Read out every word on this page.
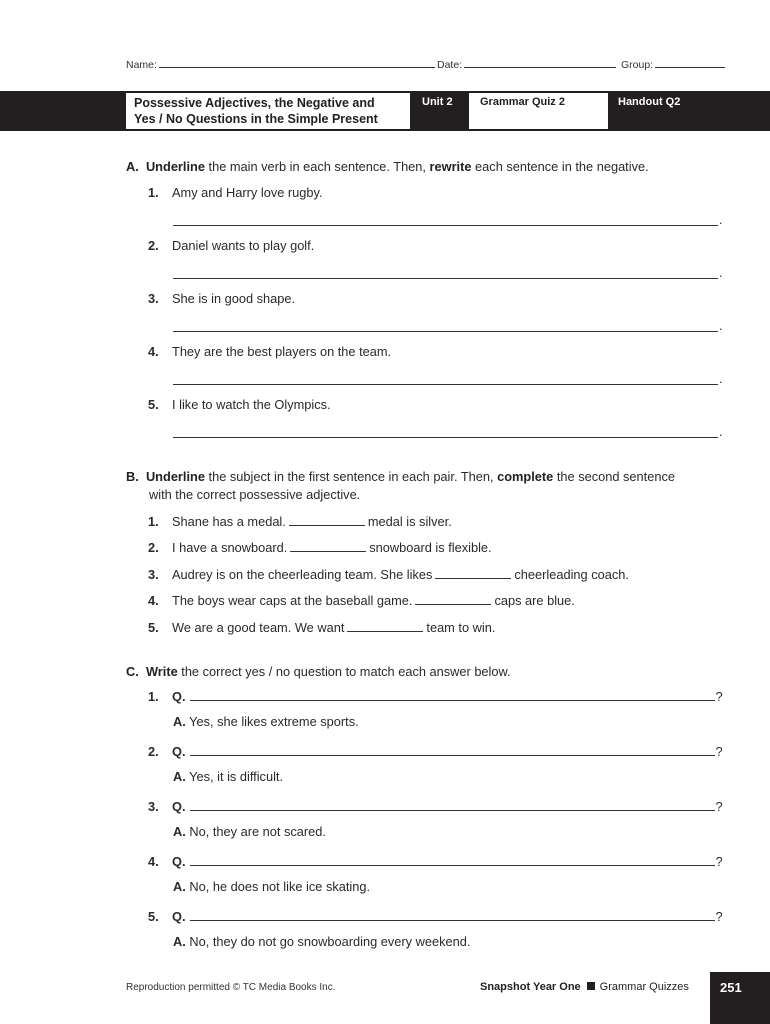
Name:	Date:	Group:
Possessive Adjectives, the Negative and
Yes / No Questions in the Simple Present
Unit 2 Grammar Quiz 2	Handout Q2
A. Underline the main verb in each sentence. Then, rewrite each sentence in the negative.
1. Amy and Harry love rugby.
.
2. Daniel wants to play golf.
.
3. She is in good shape.
.
4. They are the best players on the team.
.
5. I like to watch the Olympics.
.
B. Underline the subject in the first sentence in each pair. Then, complete the second sentence
with the correct possessive adjective.
1. Shane has a medal.	medal is silver.
2. I have a snowboard.	snowboard is flexible.
3. Audrey is on the cheerleading team. She likes	cheerleading coach.
4. The boys wear caps at the baseball game.	caps are blue.
5. We are a good team. We want	team to win.
C. Write the correct yes / no question to match each answer below.
1. Q.	?
A. Yes, she likes extreme sports.
2. Q.	?
A. Yes, it is difficult.
3. Q.	?
A. No, they are not scared.
4. Q.	?
A. No, he does not like ice skating.
5. Q.	?
A. No, they do not go snowboarding every weekend.
Reproduction permitted © TC Media Books Inc.	Snapshot Year One Grammar Quizzes 251
